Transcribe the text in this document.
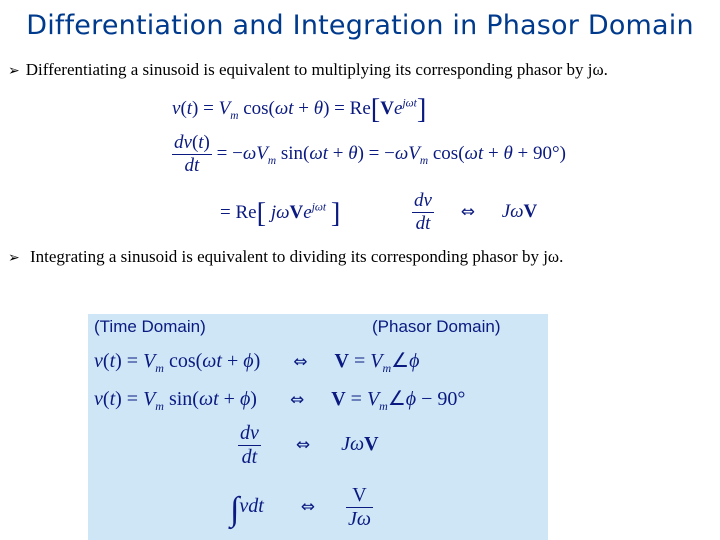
Differentiation and Integration in Phasor Domain
➢ Differentiating a sinusoid is equivalent to multiplying its corresponding phasor by jω.
$v(t) = V_m$ $\cos(\omega t + \theta) = Re[Ve^{j\omega t}]$
$\frac{dv(t)}{dt} = -\omega V_m$ $\sin(\omega t + \theta) = -\omega V_m$ cos(ωt + θ + 90°)
= Re[ jωVe$^{j\omega t}$ ]	$\frac{dv}{dt}$ ⇔ JωV
➢ Integrating a sinusoid is equivalent to dividing its corresponding phasor by jω.
(Time Domain)	(Phasor Domain)
$v(t) = V_m$ cos(ωt + ϕ) ⇔ $V = V_m\angle\phi$
$v(t) = V_m$ sin(ωt + ϕ) ⇔ $V = V_m\angle\phi - 90^\circ$
$\frac{dv}{dt}$ ⇔ JωV
∫vdt ⇔ $\frac{V}{J\omega}$
